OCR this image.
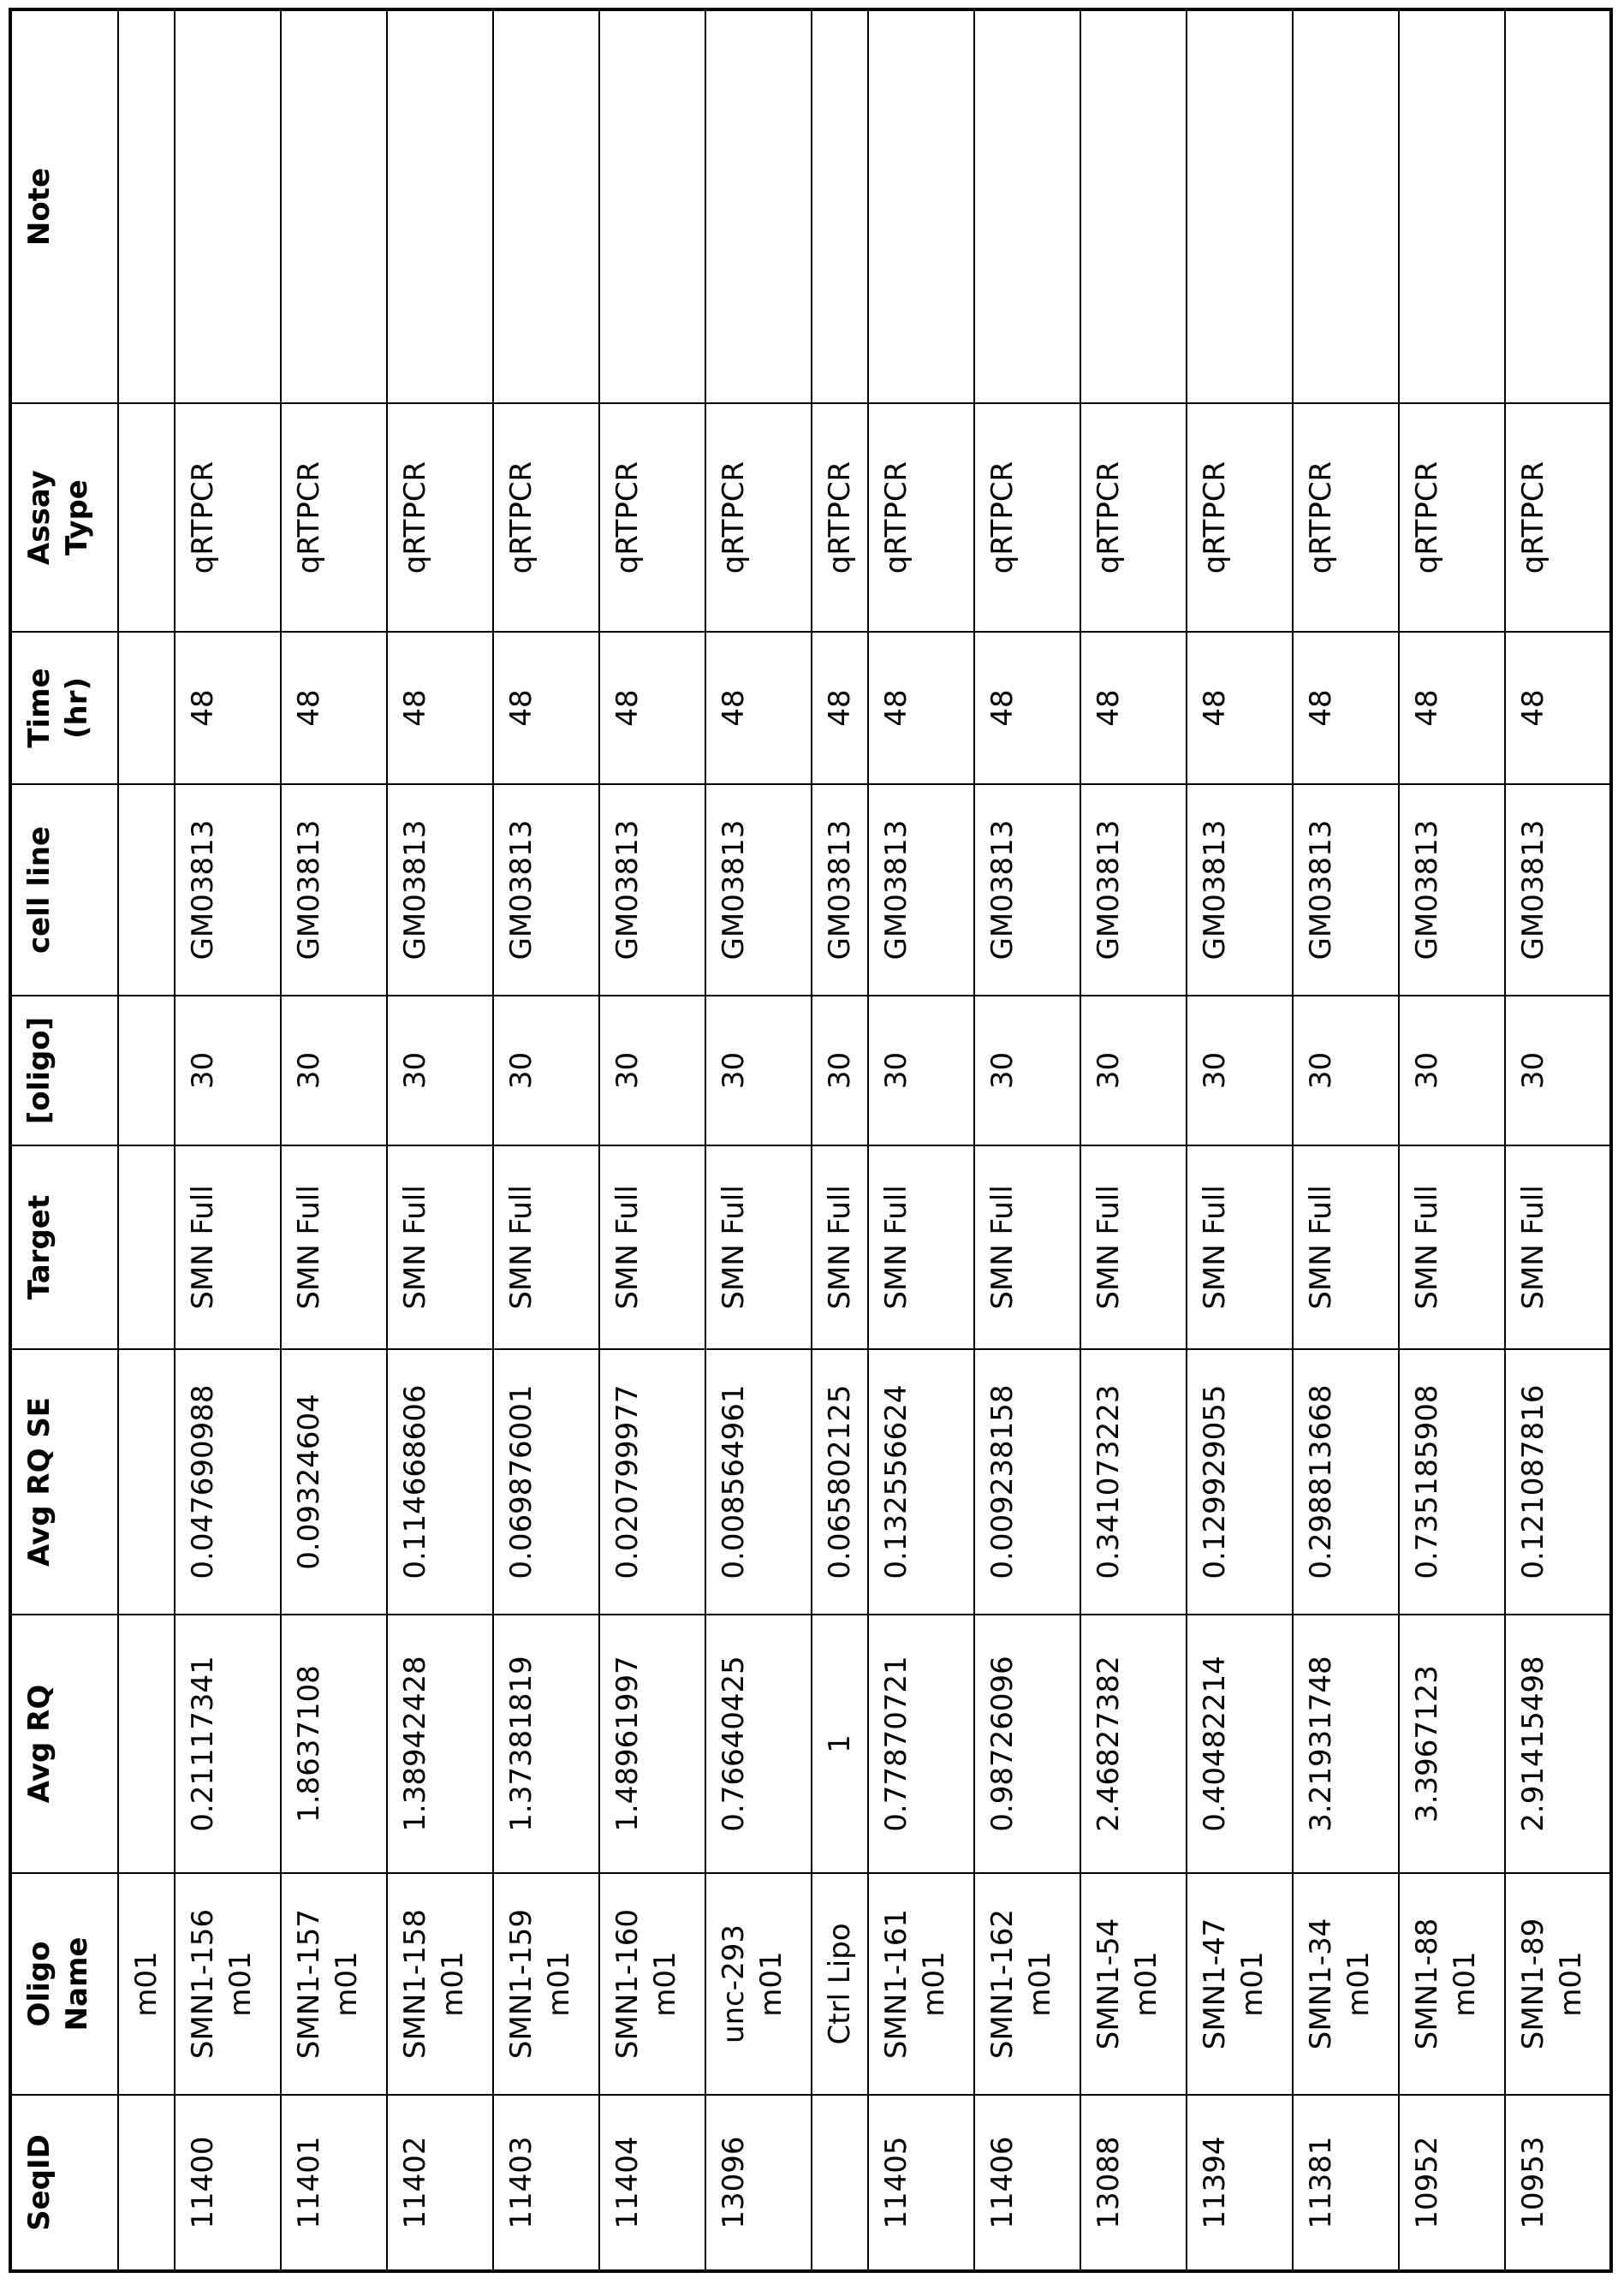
SeqID	Oligo
Name	Avg RQ	Avg RQ SE	Target	[oligo]	cell line	Time
(hr)	Assay
Type	Note
	m01								
11400	SMN1-156
m01	0.21117341	0.047690988	SMN Full	30	GM03813	48	qRTPCR	
11401	SMN1-157
m01	1.8637108	0.09324604	SMN Full	30	GM03813	48	qRTPCR	
11402	SMN1-158
m01	1.38942428	0.114668606	SMN Full	30	GM03813	48	qRTPCR	
11403	SMN1-159
m01	1.37381819	0.069876001	SMN Full	30	GM03813	48	qRTPCR	
11404	SMN1-160
m01	1.48961997	0.020799977	SMN Full	30	GM03813	48	qRTPCR	
13096	unc-293
m01	0.76640425	0.008564961	SMN Full	30	GM03813	48	qRTPCR	
	Ctrl Lipo	1	0.065802125	SMN Full	30	GM03813	48	qRTPCR	
11405	SMN1-161
m01	0.77870721	0.132556624	SMN Full	30	GM03813	48	qRTPCR	
11406	SMN1-162
m01	0.98726096	0.009238158	SMN Full	30	GM03813	48	qRTPCR	
13088	SMN1-54
m01	2.46827382	0.341073223	SMN Full	30	GM03813	48	qRTPCR	
11394	SMN1-47
m01	0.40482214	0.129929055	SMN Full	30	GM03813	48	qRTPCR	
11381	SMN1-34
m01	3.21931748	0.298813668	SMN Full	30	GM03813	48	qRTPCR	
10952	SMN1-88
m01	3.3967123	0.735185908	SMN Full	30	GM03813	48	qRTPCR	
10953	SMN1-89
m01	2.91415498	0.121087816	SMN Full	30	GM03813	48	qRTPCR	
